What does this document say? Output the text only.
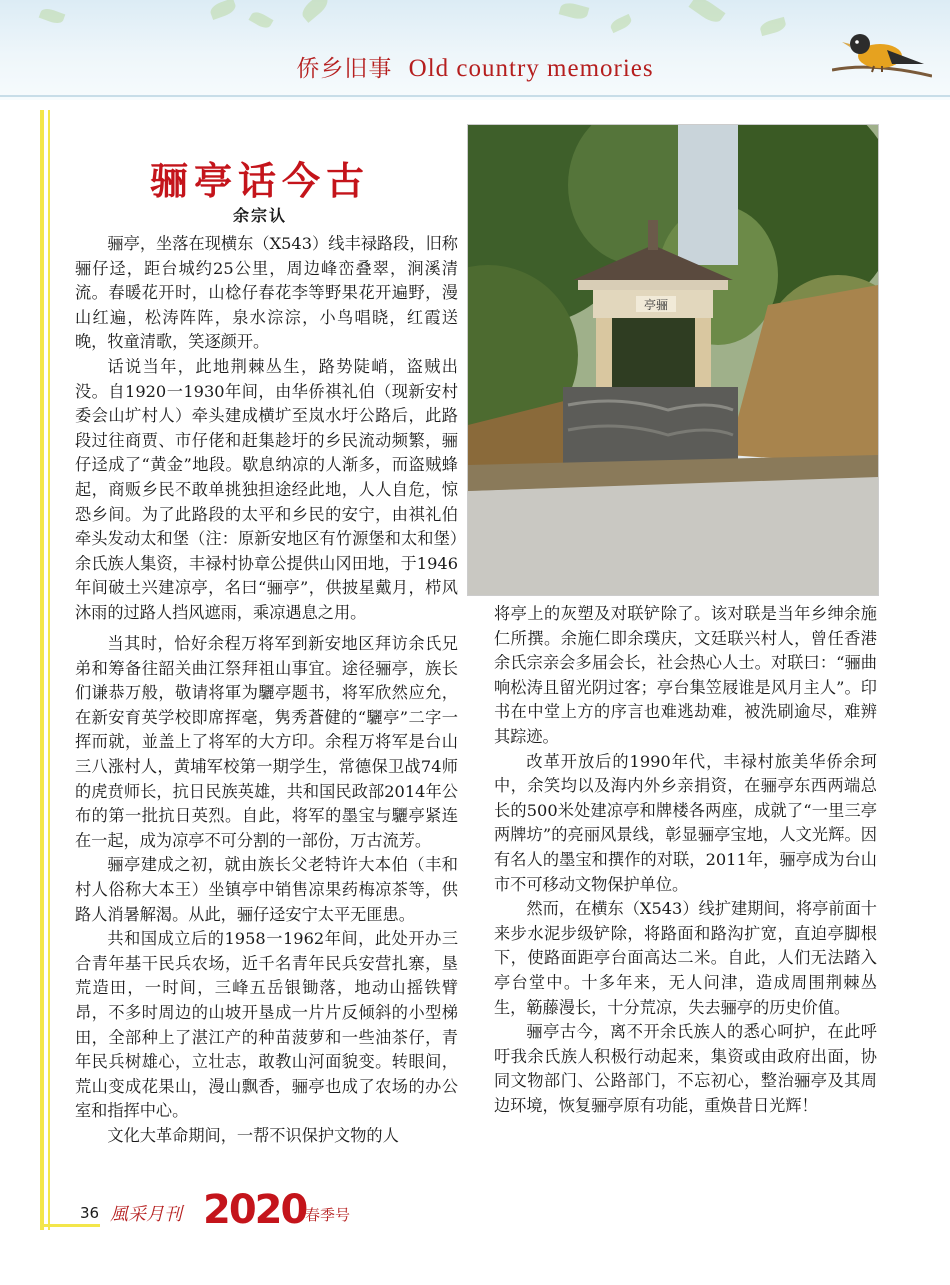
侨乡旧事 Old country memories
骊亭话今古
余宗认

骊亭，坐落在现横东（X543）线丰禄路段，旧称骊仔迳，距台城约25公里，周边峰峦叠翠，涧溪清流。春暖花开时，山棯仔春花李等野果花开遍野，漫山红遍，松涛阵阵，泉水淙淙，小鸟唱晓，红霞送晚，牧童清歌，笑逐颜开。

话说当年，此地荆棘丛生，路势陡峭，盗贼出没。自1920一1930年间，由华侨祺礼伯（现新安村委会山圹村人）牵头建成横圹至岚水圩公路后，此路段过往商贾、市仔佬和赶集趁圩的乡民流动频繁，骊仔迳成了“黄金”地段。歇息纳凉的人渐多，而盗贼蜂起，商贩乡民不敢单挑独担途经此地，人人自危，惊恐乡间。为了此路段的太平和乡民的安宁，由祺礼伯牵头发动太和堡（注：原新安地区有竹源堡和太和堡）余氏族人集资，丰禄村协章公提供山冈田地，于1946年间破土兴建凉亭，名曰“骊亭”，供披星戴月，栉风沐雨的过路人挡风遮雨，乘凉遇息之用。

当其时，恰好余程万将军到新安地区拜访余氏兄弟和筹备往韶关曲江祭拜祖山事宜。途径骊亭，族长们谦恭万般，敬请将軍为驪亭题书，将军欣然应允，在新安育英学校即席挥毫，隽秀蒼健的“驪亭”二字一挥而就，並盖上了将军的大方印。余程万将军是台山三八涨村人，黄埔军校第一期学生，常德保卫战74师的虎贲师长，抗日民族英雄，共和国民政部2014年公布的第一批抗日英烈。自此，将军的墨宝与驪亭紧连在一起，成为凉亭不可分割的一部份，万古流芳。

骊亭建成之初，就由族长父老特许大本伯（丰和村人俗称大本王）坐镇亭中销售凉果药梅凉茶等，供路人消暑解渴。从此，骊仔迳安宁太平无匪患。

共和国成立后的1958一1962年间，此处开办三合青年基干民兵农场，近千名青年民兵安营扎寨，垦荒造田，一时间，三峰五岳银锄落，地动山摇铁臂昂，不多时周边的山坡开垦成一片片反倾斜的小型梯田，全部种上了湛江产的种苗菠萝和一些油茶仔，青年民兵树雄心，立壮志，敢教山河面貌变。转眼间，荒山变成花果山，漫山飘香，骊亭也成了农场的办公室和指挥中心。

文化大革命期间，一帮不识保护文物的人

亭骊

将亭上的灰塑及对联铲除了。该对联是当年乡绅余施仁所撰。余施仁即余璞庆，文廷联兴村人，曾任香港余氏宗亲会多届会长，社会热心人士。对联曰：“骊曲响松涛且留光阴过客；亭台集笠屐谁是风月主人”。印书在中堂上方的序言也难逃劫难，被洗刷逾尽，难辨其踪迹。

改革开放后的1990年代，丰禄村旅美华侨余珂中，余笑均以及海内外乡亲捐资，在骊亭东西两端总长的500米处建凉亭和牌楼各两座，成就了“一里三亭两牌坊”的亮丽风景线，彰显骊亭宝地，人文光辉。因有名人的墨宝和撰作的对联，2011年，骊亭成为台山市不可移动文物保护单位。

然而，在横东（X543）线扩建期间，将亭前面十来步水泥步级铲除，将路面和路沟扩宽，直迫亭脚根下，使路面距亭台面高达二米。自此，人们无法踏入亭台堂中。十多年来，无人问津，造成周围荆棘丛生，簕藤漫长，十分荒凉，失去骊亭的历史价值。

骊亭古今，离不开余氏族人的悉心呵护，在此呼吁我余氏族人积极行动起来，集资或由政府出面，协同文物部门、公路部门，不忘初心，整治骊亭及其周边环境，恢复骊亭原有功能，重焕昔日光辉！

36 風采月刊 2020
春季号
